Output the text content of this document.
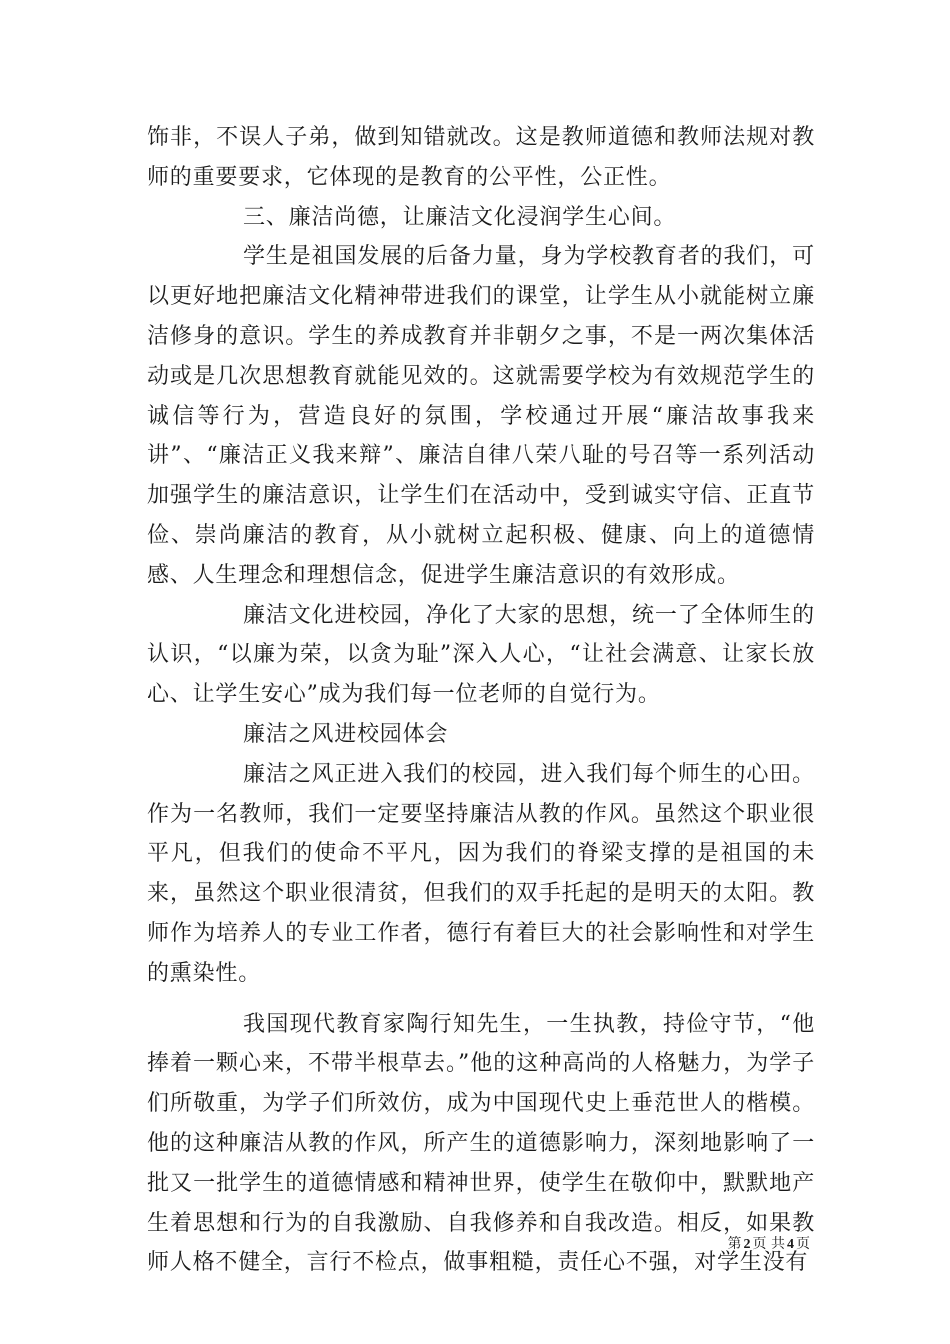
饰非，不误人子弟，做到知错就改。这是教师道德和教师法规对教师的重要要求，它体现的是教育的公平性，公正性。

三、廉洁尚德，让廉洁文化浸润学生心间。

学生是祖国发展的后备力量，身为学校教育者的我们，可以更好地把廉洁文化精神带进我们的课堂，让学生从小就能树立廉洁修身的意识。学生的养成教育并非朝夕之事，不是一两次集体活动或是几次思想教育就能见效的。这就需要学校为有效规范学生的诚信等行为，营造良好的氛围，学校通过开展“廉洁故事我来讲”、“廉洁正义我来辩”、廉洁自律八荣八耻的号召等一系列活动加强学生的廉洁意识，让学生们在活动中，受到诚实守信、正直节俭、崇尚廉洁的教育，从小就树立起积极、健康、向上的道德情感、人生理念和理想信念，促进学生廉洁意识的有效形成。

廉洁文化进校园，净化了大家的思想，统一了全体师生的认识，“以廉为荣，以贪为耻”深入人心，“让社会满意、让家长放心、让学生安心”成为我们每一位老师的自觉行为。

廉洁之风进校园体会

廉洁之风正进入我们的校园，进入我们每个师生的心田。作为一名教师，我们一定要坚持廉洁从教的作风。虽然这个职业很平凡，但我们的使命不平凡，因为我们的脊梁支撑的是祖国的未来，虽然这个职业很清贫，但我们的双手托起的是明天的太阳。教师作为培养人的专业工作者，德行有着巨大的社会影响性和对学生的熏染性。

我国现代教育家陶行知先生，一生执教，持俭守节，“他捧着一颗心来，不带半根草去。”他的这种高尚的人格魅力，为学子们所敬重，为学子们所效仿，成为中国现代史上垂范世人的楷模。他的这种廉洁从教的作风，所产生的道德影响力，深刻地影响了一批又一批学生的道德情感和精神世界，使学生在敬仰中，默默地产生着思想和行为的自我激励、自我修养和自我改造。相反，如果教师人格不健全，言行不检点，做事粗糙，责任心不强，对学生没有

第 2 页 共 4 页
